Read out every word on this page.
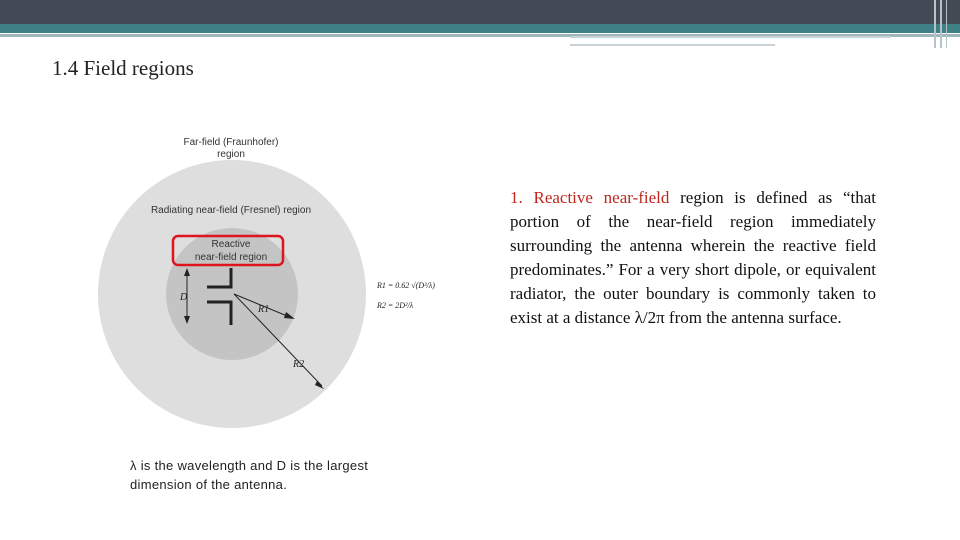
1.4 Field regions
Far-field (Fraunhofer)
region
Radiating near-field (Fresnel) region
Reactive
near-field region
D
R1
R2
R1 = 0.62 √(D³/λ)
R2 = 2D²/λ
λ is the wavelength and D is the largest dimension of the antenna.
1. Reactive near-field region is defined as “that portion of the near-field region immediately surrounding the antenna wherein the reactive field predominates.” For a very short dipole, or equivalent radiator, the outer boundary is commonly taken to exist at a distance λ/2π from the antenna surface.
